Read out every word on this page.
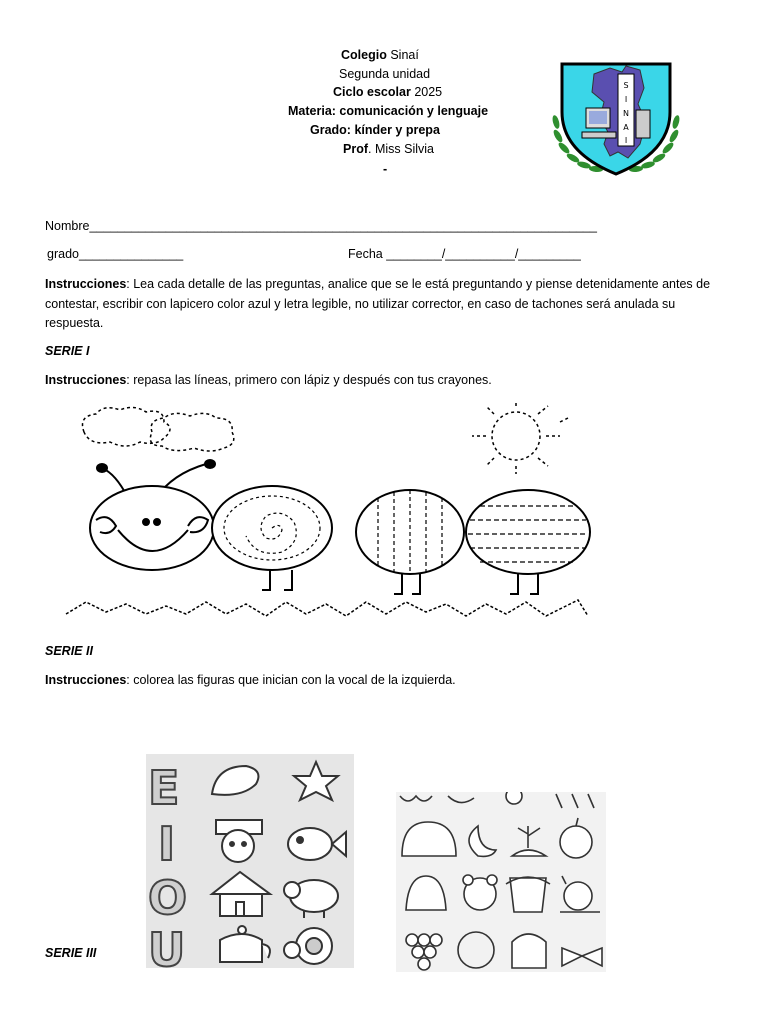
Colegio Sinaí
Segunda unidad
Ciclo escolar 2025
Materia: comunicación y lenguaje
Grado: kínder y prepa
Prof. Miss Silvia
-
S
I
N
A
I
Nombre_________________________________________________________________________
grado_______________	Fecha ________/__________/_________
Instrucciones: Lea cada detalle de las preguntas, analice que se le está preguntando y piense detenidamente antes de contestar, escribir con lapicero color azul y letra legible, no utilizar corrector, en caso de tachones será anulada su respuesta.
SERIE I
Instrucciones: repasa las líneas, primero con lápiz y después con tus crayones.
SERIE II
Instrucciones: colorea las figuras que inician con la vocal de la izquierda.
E
I
O
U
SERIE III
